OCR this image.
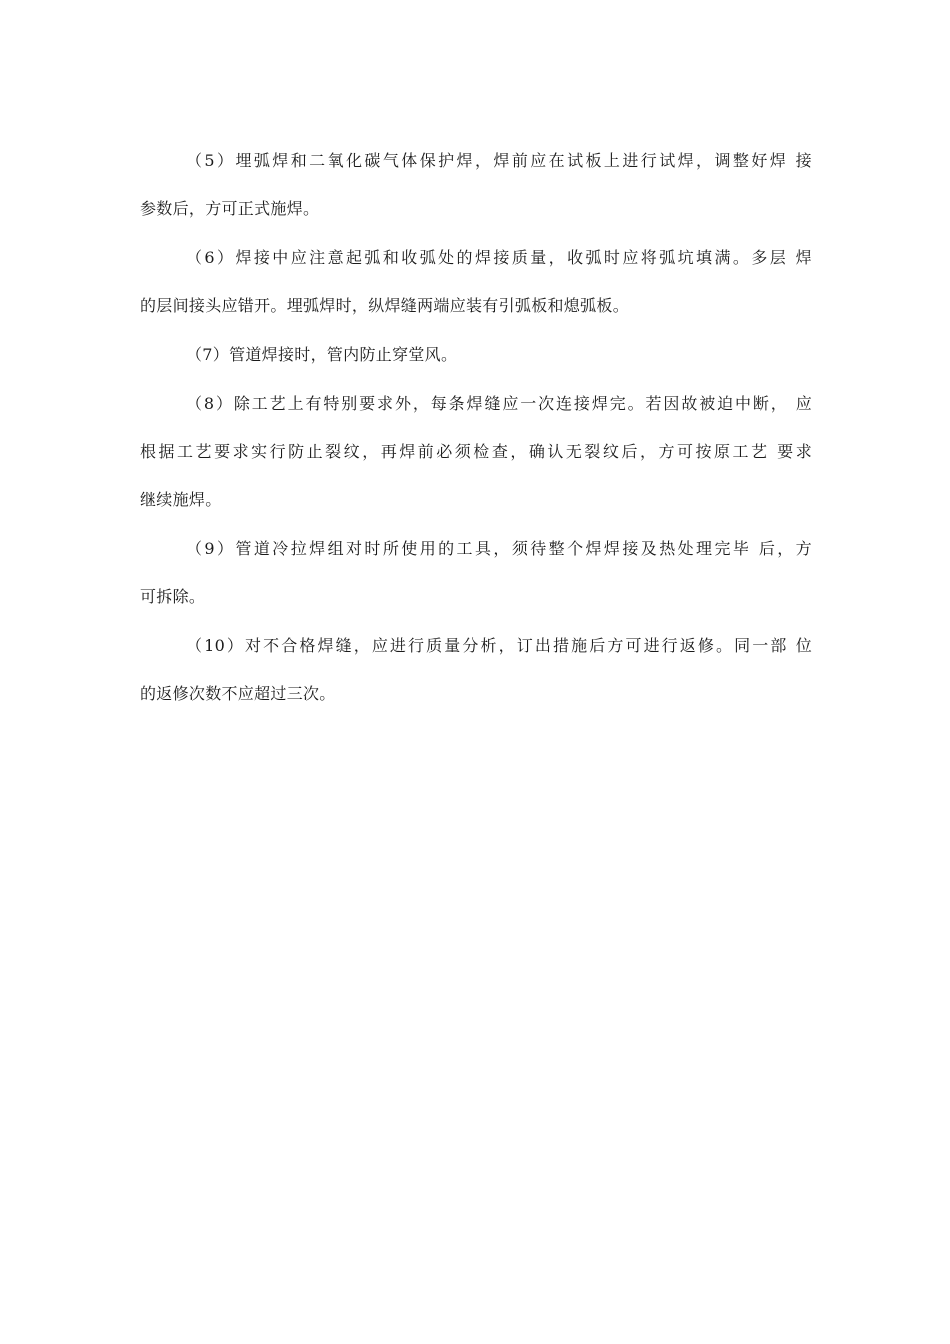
（5）埋弧焊和二氧化碳气体保护焊，焊前应在试板上进行试焊，调整好焊 接
参数后，方可正式施焊。

（6）焊接中应注意起弧和收弧处的焊接质量，收弧时应将弧坑填满。多层 焊
的层间接头应错开。埋弧焊时，纵焊缝两端应装有引弧板和熄弧板。

（7）管道焊接时，管内防止穿堂风。

（8）除工艺上有特别要求外，每条焊缝应一次连接焊完。若因故被迫中断， 应
根据工艺要求实行防止裂纹，再焊前必须检查，确认无裂纹后，方可按原工艺 要求
继续施焊。

（9）管道冷拉焊组对时所使用的工具，须待整个焊焊接及热处理完毕 后，方
可拆除。

（10）对不合格焊缝，应进行质量分析，订出措施后方可进行返修。同一部 位
的返修次数不应超过三次。
